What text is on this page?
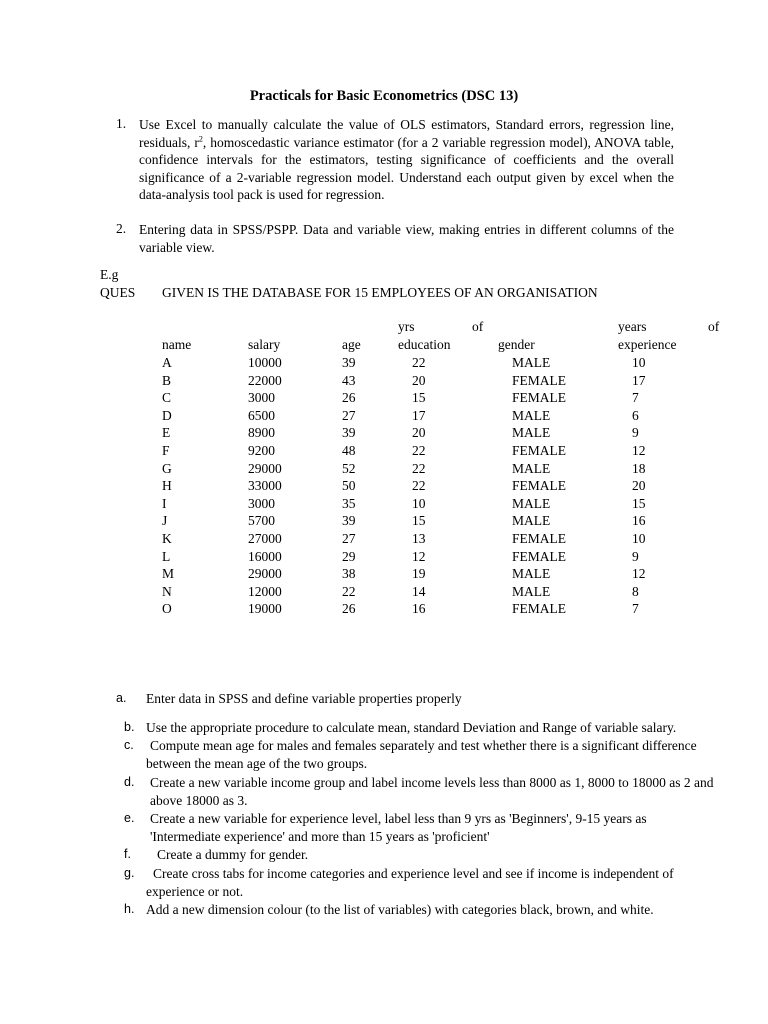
Practicals for Basic Econometrics (DSC 13)
1. Use Excel to manually calculate the value of OLS estimators, Standard errors, regression line, residuals, $r^2$, homoscedastic variance estimator (for a 2 variable regression model), ANOVA table, confidence intervals for the estimators, testing significance of coefficients and the overall significance of a 2-variable regression model. Understand each output given by excel when the data-analysis tool pack is used for regression.
2. Entering data in SPSS/PSPP. Data and variable view, making entries in different columns of the variable view.
E.g
QUES GIVEN IS THE DATABASE FOR 15 EMPLOYEES OF AN ORGANISATION
yrs	of	years	of
name	salary	age	education	gender	experience
A	10000	39	22	MALE	10
B	22000	43	20	FEMALE	17
C	3000	26	15	FEMALE	7
D	6500	27	17	MALE	6
E	8900	39	20	MALE	9
F	9200	48	22	FEMALE	12
G	29000	52	22	MALE	18
H	33000	50	22	FEMALE	20
I	3000	35	10	MALE	15
J	5700	39	15	MALE	16
K	27000	27	13	FEMALE	10
L	16000	29	12	FEMALE	9
M	29000	38	19	MALE	12
N	12000	22	14	MALE	8
O	19000	26	16	FEMALE	7
a.	Enter data in SPSS and define variable properties properly
b. Use the appropriate procedure to calculate mean, standard Deviation and Range of variable salary.
c.	Compute mean age for males and females separately and test whether there is a significant difference between the mean age of the two groups.
d.	Create a new variable income group and label income levels less than 8000 as 1, 8000 to 18000 as 2 and above 18000 as 3.
e.	Create a new variable for experience level, label less than 9 yrs as 'Beginners', 9-15 years as 'Intermediate experience' and more than 15 years as 'proficient'
f.	Create a dummy for gender.
g.	Create cross tabs for income categories and experience level and see if income is independent of experience or not.
h. Add a new dimension colour (to the list of variables) with categories black, brown, and white.
